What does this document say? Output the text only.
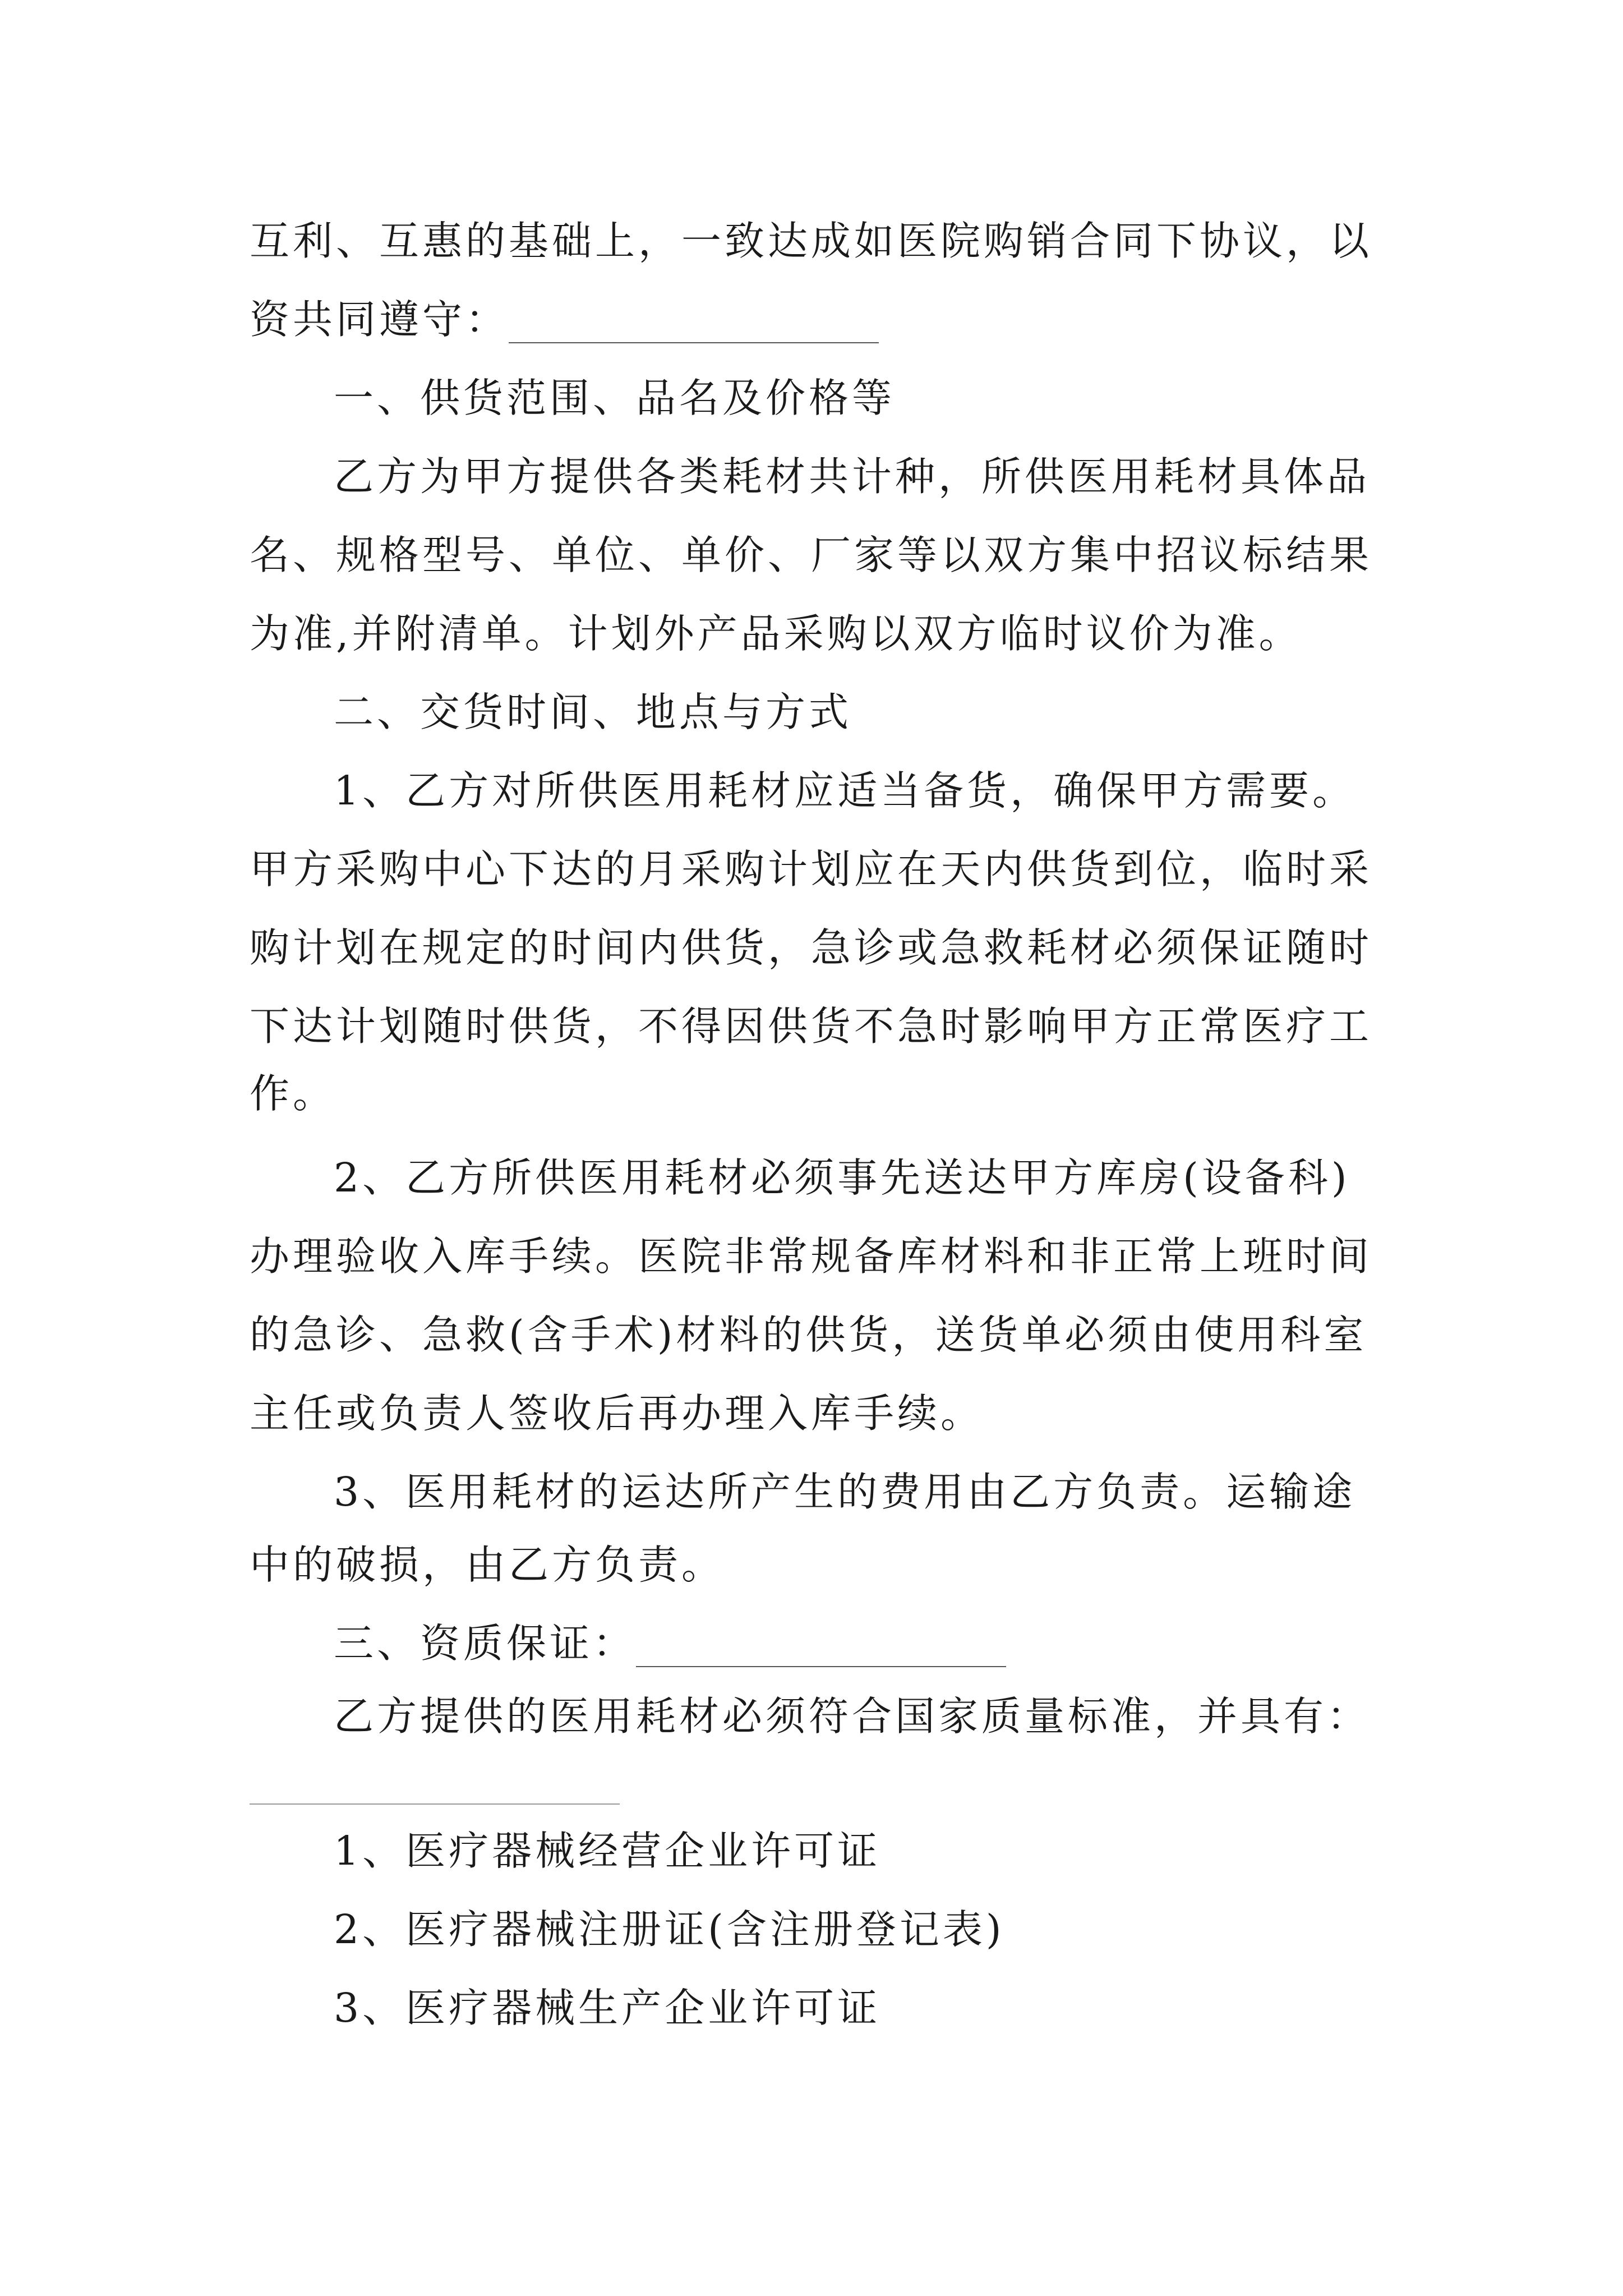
互利、互惠的基础上，一致达成如医院购销合同下协议，以
资共同遵守：
一、供货范围、品名及价格等
乙方为甲方提供各类耗材共计种，所供医用耗材具体品
名、规格型号、单位、单价、厂家等以双方集中招议标结果
为准,并附清单。计划外产品采购以双方临时议价为准。
二、交货时间、地点与方式
1、乙方对所供医用耗材应适当备货，确保甲方需要。
甲方采购中心下达的月采购计划应在天内供货到位，临时采
购计划在规定的时间内供货，急诊或急救耗材必须保证随时
下达计划随时供货，不得因供货不急时影响甲方正常医疗工
作。
2、乙方所供医用耗材必须事先送达甲方库房(设备科)
办理验收入库手续。医院非常规备库材料和非正常上班时间
的急诊、急救(含手术)材料的供货，送货单必须由使用科室
主任或负责人签收后再办理入库手续。
3、医用耗材的运达所产生的费用由乙方负责。运输途
中的破损，由乙方负责。
三、资质保证：
乙方提供的医用耗材必须符合国家质量标准，并具有：
1、医疗器械经营企业许可证
2、医疗器械注册证(含注册登记表)
3、医疗器械生产企业许可证
